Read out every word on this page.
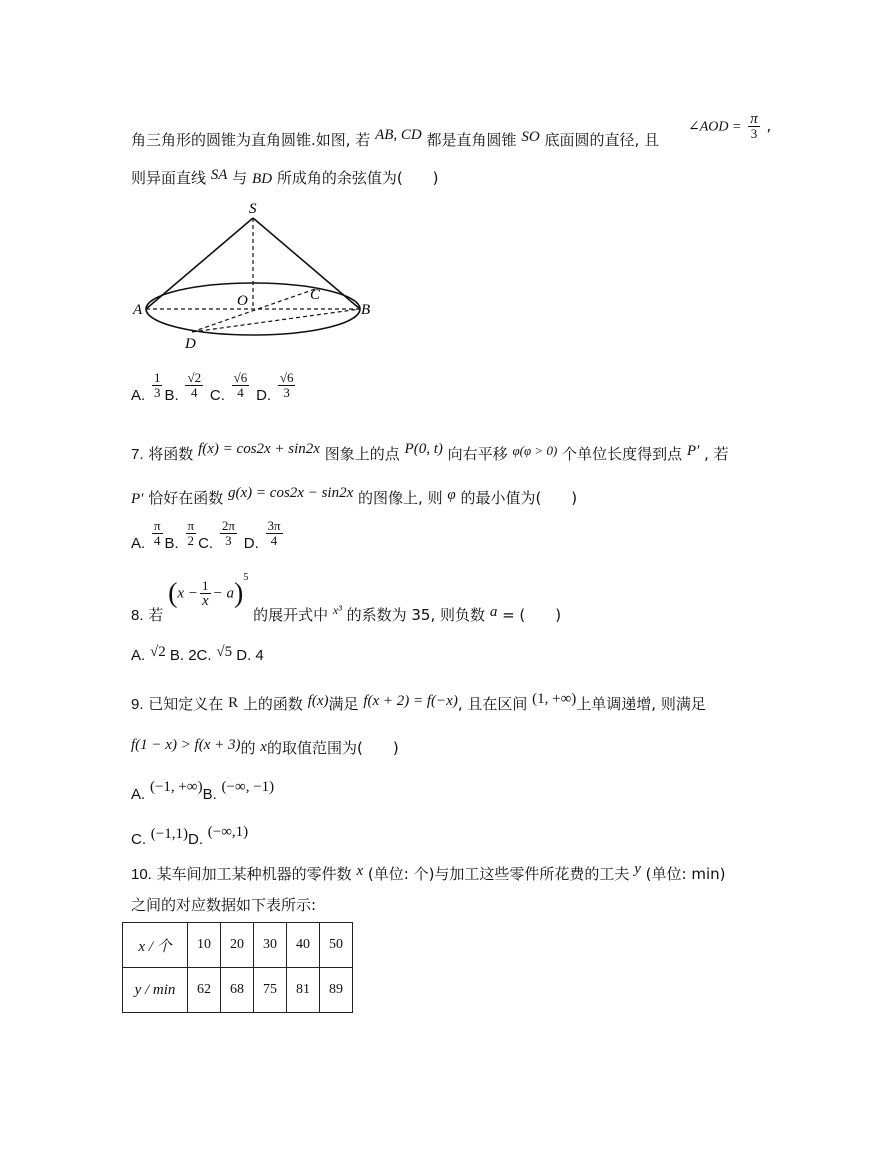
角三角形的圆锥为直角圆锥.如图, 若 AB, CD 都是直角圆锥 SO 底面圆的直径, 且
∠AOD = $\frac{\pi}{3}$ ,
则异面直线 SA 与 BD 所成角的余弦值为(　　)
S
A	B
O	C
D
A. $\frac{1}{3} B$. $\frac{√2}{4} C$. $\frac{√6}{4} D$. $\frac{√6}{3}$
7. 将函数 f(x) = cos2x + sin2x 图象上的点 P(0, t) 向右平移 φ(φ > 0) 个单位长度得到点 P′ , 若
P′ 恰好在函数 g(x) = cos2x − sin2x 的图像上, 则 φ 的最小值为(　　)
A. $\frac{\pi}{4} B$. $\frac{\pi}{2} C$. $\frac{2\pi}{3} D$. $\frac{3\pi}{4}$
8. 若 $(x - \frac{1}{x} - a)^5$ 的展开式中 $_{x^3}$ 的系数为 35, 则负数 a = (　　)
A. √2 B. 2C. √5 D. 4
9. 已知定义在 R 上的函数 f(x)满足 f(x + 2) = f(−x), 且在区间 (1, +∞)上单调递增, 则满足
f(1 − x) > f(x + 3)的 x的取值范围为(　　)
A. (−1, +∞)B. (−∞, −1)
C. (−1,1)D. (−∞,1)
10. 某车间加工某种机器的零件数 x (单位: 个)与加工这些零件所花费的工夫 y (单位: min)
之间的对应数据如下表所示:
x / 个	10	20	30	40	50
y / min	62	68	75	81	89
